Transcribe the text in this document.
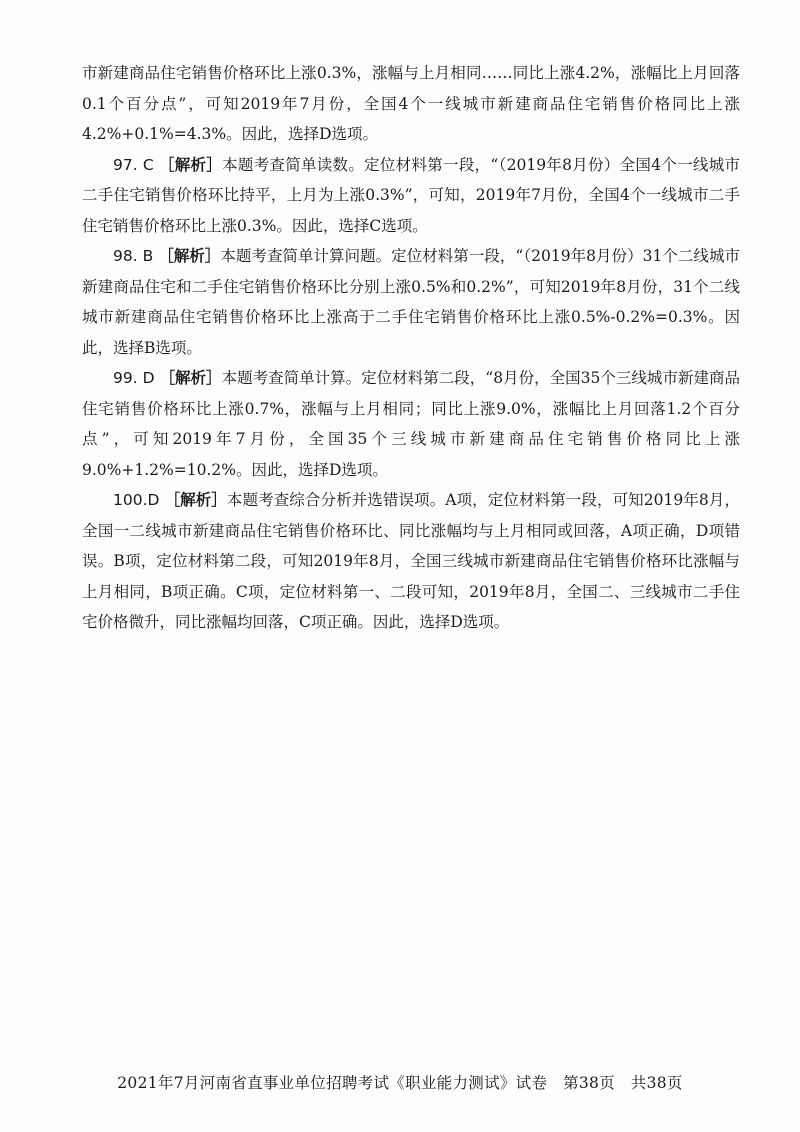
市新建商品住宅销售价格环比上涨0.3%，涨幅与上月相同……同比上涨4.2%，涨幅比上月回落0.1个百分点”，可知2019年7月份，全国4个一线城市新建商品住宅销售价格同比上涨4.2%+0.1%=4.3%。因此，选择D选项。

97. C ［解析］本题考查简单读数。定位材料第一段，“（2019年8月份）全国4个一线城市二手住宅销售价格环比持平，上月为上涨0.3%”，可知，2019年7月份，全国4个一线城市二手住宅销售价格环比上涨0.3%。因此，选择C选项。

98. B ［解析］本题考查简单计算问题。定位材料第一段，“（2019年8月份）31个二线城市新建商品住宅和二手住宅销售价格环比分别上涨0.5%和0.2%”，可知2019年8月份，31个二线城市新建商品住宅销售价格环比上涨高于二手住宅销售价格环比上涨0.5%-0.2%=0.3%。因此，选择B选项。

99. D ［解析］本题考查简单计算。定位材料第二段，“8月份，全国35个三线城市新建商品住宅销售价格环比上涨0.7%，涨幅与上月相同；同比上涨9.0%，涨幅比上月回落1.2个百分点”，可知2019年7月份，全国35个三线城市新建商品住宅销售价格同比上涨9.0%+1.2%=10.2%。因此，选择D选项。

100.D ［解析］本题考查综合分析并选错误项。A项，定位材料第一段，可知2019年8月，全国一二线城市新建商品住宅销售价格环比、同比涨幅均与上月相同或回落，A项正确，D项错误。B项，定位材料第二段，可知2019年8月，全国三线城市新建商品住宅销售价格环比涨幅与上月相同，B项正确。C项，定位材料第一、二段可知，2019年8月，全国二、三线城市二手住宅价格微升，同比涨幅均回落，C项正确。因此，选择D选项。

2021年7月河南省直事业单位招聘考试《职业能力测试》试卷　第38页　共38页
